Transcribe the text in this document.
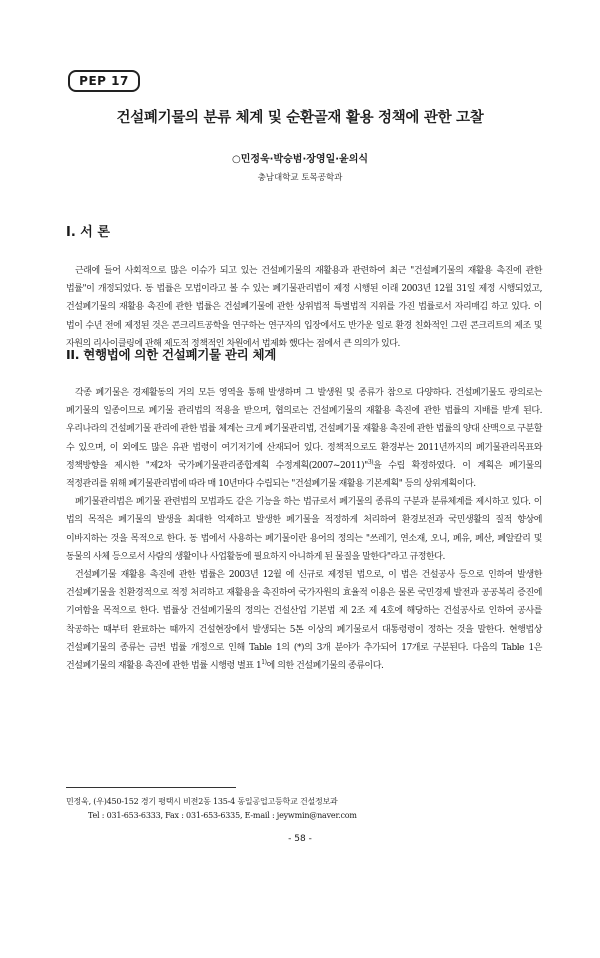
PEP 17
건설폐기물의 분류 체계 및 순환골재 활용 정책에 관한 고찰
○민정욱·박승범·장영일·윤의식
충남대학교 토목공학과
I. 서 론

근래에 들어 사회적으로 많은 이슈가 되고 있는 건설폐기물의 재활용과 관련하여 최근 "건설폐기물의 재활용 촉진에 관한 법률"이 개정되었다. 동 법률은 모법이라고 볼 수 있는 폐기물관리법이 제정 시행된 이래 2003년 12월 31일 제정 시행되었고, 건설폐기물의 재활용 촉진에 관한 법률은 건설폐기물에 관한 상위법적 특별법적 지위를 가진 법률로서 자리매김 하고 있다. 이 법이 수년 전에 제정된 것은 콘크리트공학을 연구하는 연구자의 입장에서도 반가운 일로 환경 친화적인 그린 콘크리트의 제조 및 자원의 리사이클링에 관해 제도적 정책적인 차원에서 법제화 했다는 점에서 큰 의의가 있다.

II. 현행법에 의한 건설폐기물 관리 체계

각종 폐기물은 경제활동의 거의 모든 영역을 통해 발생하며 그 발생원 및 종류가 참으로 다양하다. 건설폐기물도 광의로는 폐기물의 일종이므로 폐기물 관리법의 적용을 받으며, 협의로는 건설폐기물의 재활용 촉진에 관한 법률의 지배를 받게 된다. 우리나라의 건설폐기물 관리에 관한 법률 체계는 크게 폐기물관리법, 건설폐기물 재활용 촉진에 관한 법률의 양대 산맥으로 구분할 수 있으며, 이 외에도 많은 유관 법령이 여기저기에 산재되어 있다. 정책적으로도 환경부는 2011년까지의 폐기물관리목표와 정책방향을 제시한 "제2차 국가폐기물관리종합계획 수정계획(2007~2011)"$^{3)}$을 수립 확정하였다. 이 계획은 폐기물의 적정관리를 위해 폐기물관리법에 따라 매 10년마다 수립되는 "건설폐기물 재활용 기본계획" 등의 상위계획이다.

폐기물관리법은 폐기물 관련법의 모법과도 같은 기능을 하는 법규로서 폐기물의 종류의 구분과 분류체계를 제시하고 있다. 이 법의 목적은 폐기물의 발생을 최대한 억제하고 발생한 폐기물을 적정하게 처리하여 환경보전과 국민생활의 질적 향상에 이바지하는 것을 목적으로 한다. 동 법에서 사용하는 폐기물이란 용어의 정의는 "쓰레기, 연소재, 오니, 폐유, 폐산, 폐알칼리 및 동물의 사체 등으로서 사람의 생활이나 사업활동에 필요하지 아니하게 된 물질을 말한다"라고 규정한다.

건설폐기물 재활용 촉진에 관한 법률은 2003년 12월 에 신규로 제정된 법으로, 이 법은 건설공사 등으로 인하여 발생한 건설폐기물을 친환경적으로 적정 처리하고 재활용을 촉진하여 국가자원의 효율적 이용은 물론 국민경제 발전과 공공복리 증진에 기여함을 목적으로 한다. 법률상 건설폐기물의 정의는 건설산업 기본법 제 2조 제 4호에 해당하는 건설공사로 인하여 공사를 착공하는 때부터 완료하는 때까지 건설현장에서 발생되는 5톤 이상의 폐기물로서 대통령령이 정하는 것을 말한다. 현행법상 건설폐기물의 종류는 금번 법률 개정으로 인해 Table 1의 (*)의 3개 분야가 추가되어 17개로 구분된다. 다음의 Table 1은 건설폐기물의 재활용 촉진에 관한 법률 시행령 별표 1$^{1)}$에 의한 건설폐기물의 종류이다.

민정욱, (우)450-152 경기 평택시 비전2동 135-4 동일공업고등학교 건설정보과
Tel : 031-653-6333, Fax : 031-653-6335, E-mail : jeywmin@naver.com
- 58 -
